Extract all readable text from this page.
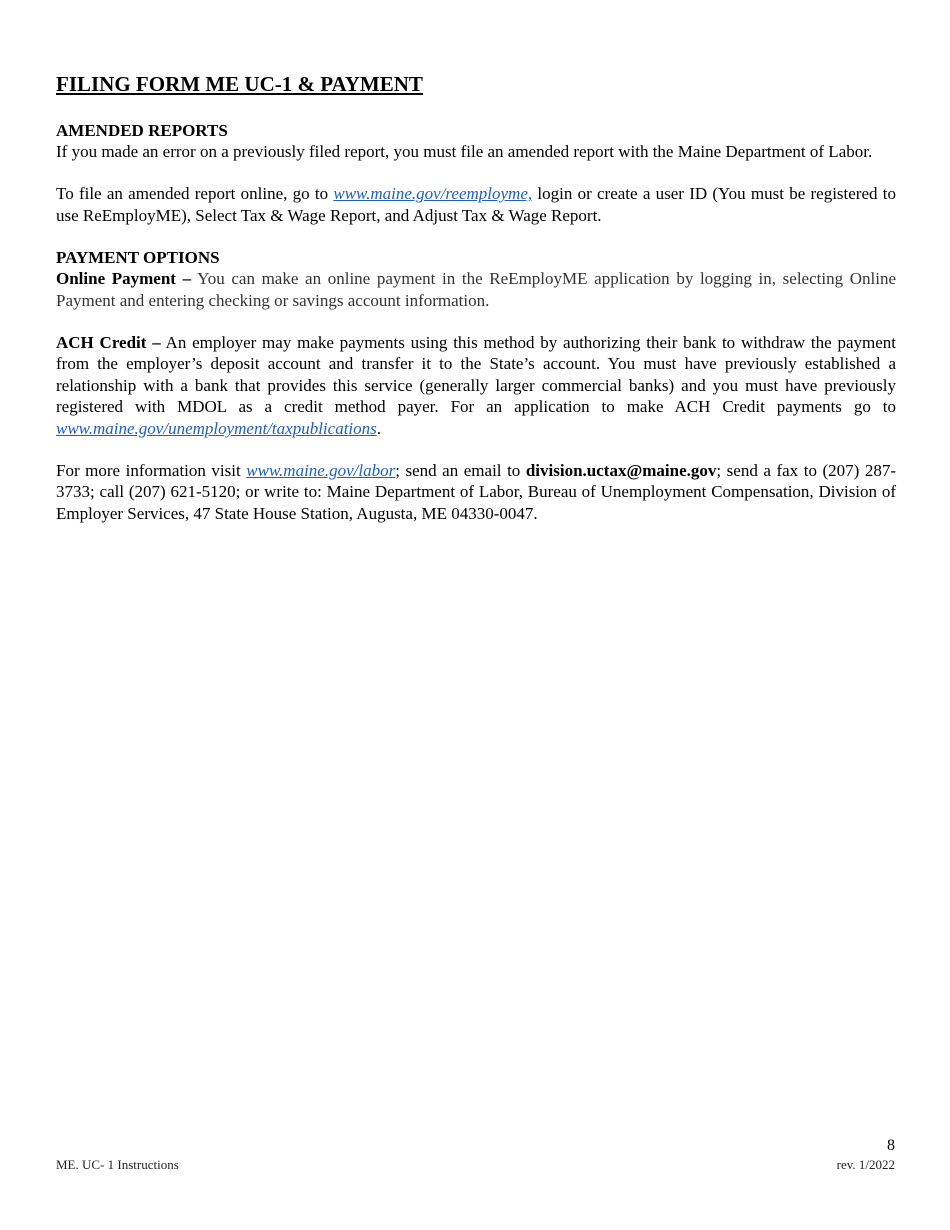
FILING FORM ME UC-1 & PAYMENT
AMENDED REPORTS

If you made an error on a previously filed report, you must file an amended report with the Maine Department of Labor.

To file an amended report online, go to www.maine.gov/reemployme, login or create a user ID (You must be registered to use ReEmployME), Select Tax & Wage Report, and Adjust Tax & Wage Report.

PAYMENT OPTIONS

Online Payment – You can make an online payment in the ReEmployME application by logging in, selecting Online Payment and entering checking or savings account information.

ACH Credit – An employer may make payments using this method by authorizing their bank to withdraw the payment from the employer’s deposit account and transfer it to the State’s account. You must have previously established a relationship with a bank that provides this service (generally larger commercial banks) and you must have previously registered with MDOL as a credit method payer. For an application to make ACH Credit payments go to www.maine.gov/unemployment/taxpublications.

For more information visit www.maine.gov/labor; send an email to division.uctax@maine.gov; send a fax to (207) 287-3733; call (207) 621-5120; or write to: Maine Department of Labor, Bureau of Unemployment Compensation, Division of Employer Services, 47 State House Station, Augusta, ME 04330-0047.

8
ME. UC- 1 Instructions	rev. 1/2022
